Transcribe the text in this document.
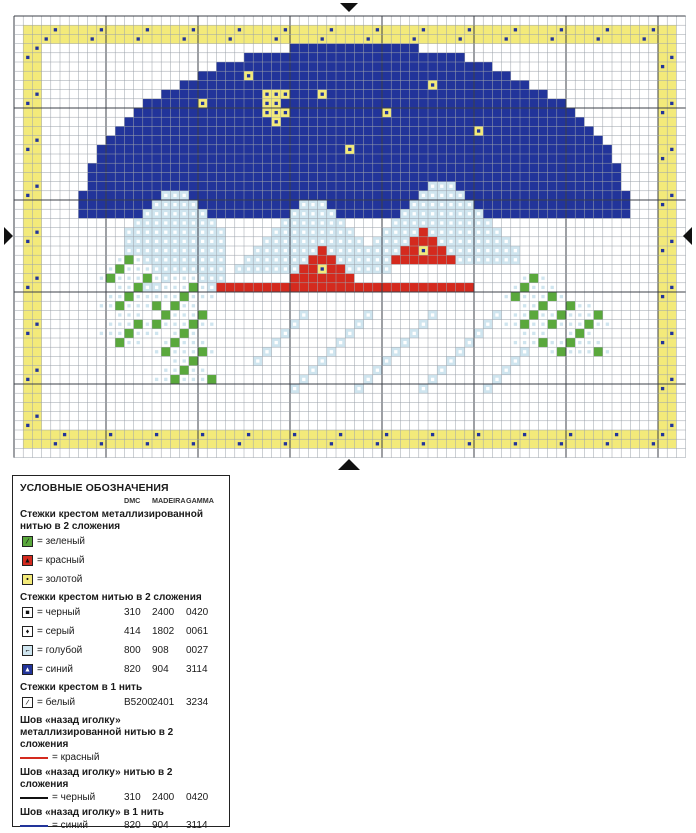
УСЛОВНЫЕ ОБОЗНАЧЕНИЯ
DMC MADEIRA GAMMA
Стежки крестом металлизированной нитью в 2 сложения
⁄ = зеленый
▲ = красный
• = золотой
Стежки крестом нитью в 2 сложения
■ = черный	310 2400 0420
♦ = серый	414 1802 0061
⌐ = голубой	800 908 0027
▲ = синий	820 904 3114
Стежки крестом в 1 нить
∕ = белый	B5200 2401 3234
Шов «назад иголку» металлизированной нитью в 2 сложения
= красный
Шов «назад иголку» нитью в 2 сложения
= черный	310 2400 0420
Шов «назад иголку» в 1 нить
= синий	820 904 3114
